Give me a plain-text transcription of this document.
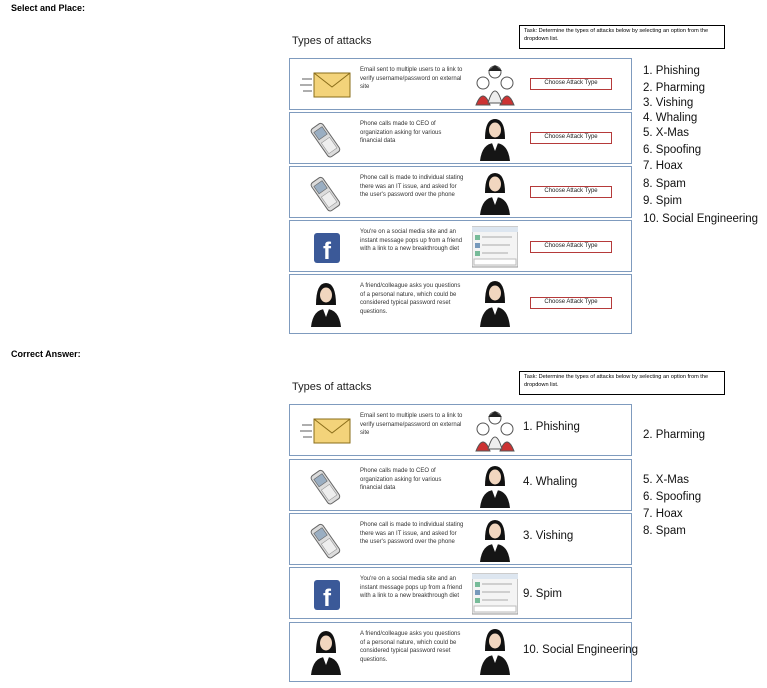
Select and Place:
Types of attacks
Task: Determine the types of attacks below by selecting an option from the dropdown list.
Email sent to multiple users to a link to verify username/password on external site
Choose Attack Type
Phone calls made to CEO of organization asking for various financial data
Choose Attack Type
Phone call is made to individual stating there was an IT issue, and asked for the user's password over the phone
Choose Attack Type
f
You're on a social media site and an instant message pops up from a friend with a link to a new breakthrough diet
Choose Attack Type
A friend/colleague asks you questions of a personal nature, which could be considered typical password reset questions.
Choose Attack Type
1. Phishing
2. Pharming
3. Vishing
4. Whaling
5. X-Mas
6. Spoofing
7. Hoax
8. Spam
9. Spim
10. Social Engineering
Correct Answer:
Types of attacks
Task: Determine the types of attacks below by selecting an option from the dropdown list.
Email sent to multiple users to a link to verify username/password on external site
1. Phishing
Phone calls made to CEO of organization asking for various financial data
4. Whaling
Phone call is made to individual stating there was an IT issue, and asked for the user's password over the phone
3. Vishing
f
You're on a social media site and an instant message pops up from a friend with a link to a new breakthrough diet	9. Spim
A friend/colleague asks you questions of a personal nature, which could be considered typical password reset questions.
10. Social Engineering
2. Pharming
5. X-Mas
6. Spoofing
7. Hoax
8. Spam
